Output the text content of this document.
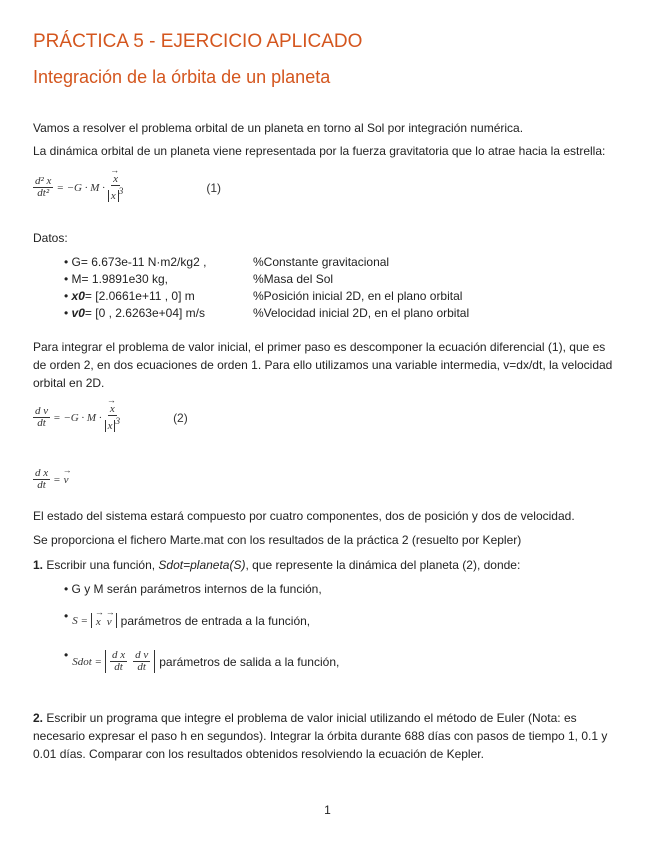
PRÁCTICA 5 - EJERCICIO APLICADO
Integración de la órbita de un planeta
Vamos a resolver el problema orbital de un planeta en torno al Sol por integración numérica.
La dinámica orbital de un planeta viene representada por la fuerza gravitatoria que lo atrae hacia la estrella:
$\frac{\text{d² x}}{\text{dt²}} = -G \cdot M$ · → $\frac{x}{x ^3}$	(1)
Datos:
• G= 6.673e-11 N·m2/kg2 ,	%Constante gravitacional
• M= 1.9891e30 kg,	%Masa del Sol
• x0= [2.0661e+11 , 0] m	%Posición inicial 2D, en el plano orbital
• v0= [0 , 2.6263e+04] m/s	%Velocidad inicial 2D, en el plano orbital
Para integrar el problema de valor inicial, el primer paso es descomponer la ecuación diferencial (1), que es de orden 2, en dos ecuaciones de orden 1. Para ello utilizamos una variable intermedia, v=dx/dt, la velocidad orbital en 2D.
$\frac{\text{d v}}{dt} = -G \cdot M$ · → $\frac{x}{x ^3}$	(2)
$\frac{\text{d x}}{dt}$ = → v
El estado del sistema estará compuesto por cuatro componentes, dos de posición y dos de velocidad.
Se proporciona el fichero Marte.mat con los resultados de la práctica 2 (resuelto por Kepler)
1. Escribir una función, Sdot=planeta(S), que represente la dinámica del planeta (2), donde:
• G y M serán parámetros internos de la función,
• S = → x → v parámetros de entrada a la función,
• Sdot = $\frac{\text{d x}}{dt} \frac{\text{d v}}{dt}$ parámetros de salida a la función,
2. Escribir un programa que integre el problema de valor inicial utilizando el método de Euler (Nota: es necesario expresar el paso h en segundos). Integrar la órbita durante 688 días con pasos de tiempo 1, 0.1 y 0.01 días. Comparar con los resultados obtenidos resolviendo la ecuación de Kepler.
1
